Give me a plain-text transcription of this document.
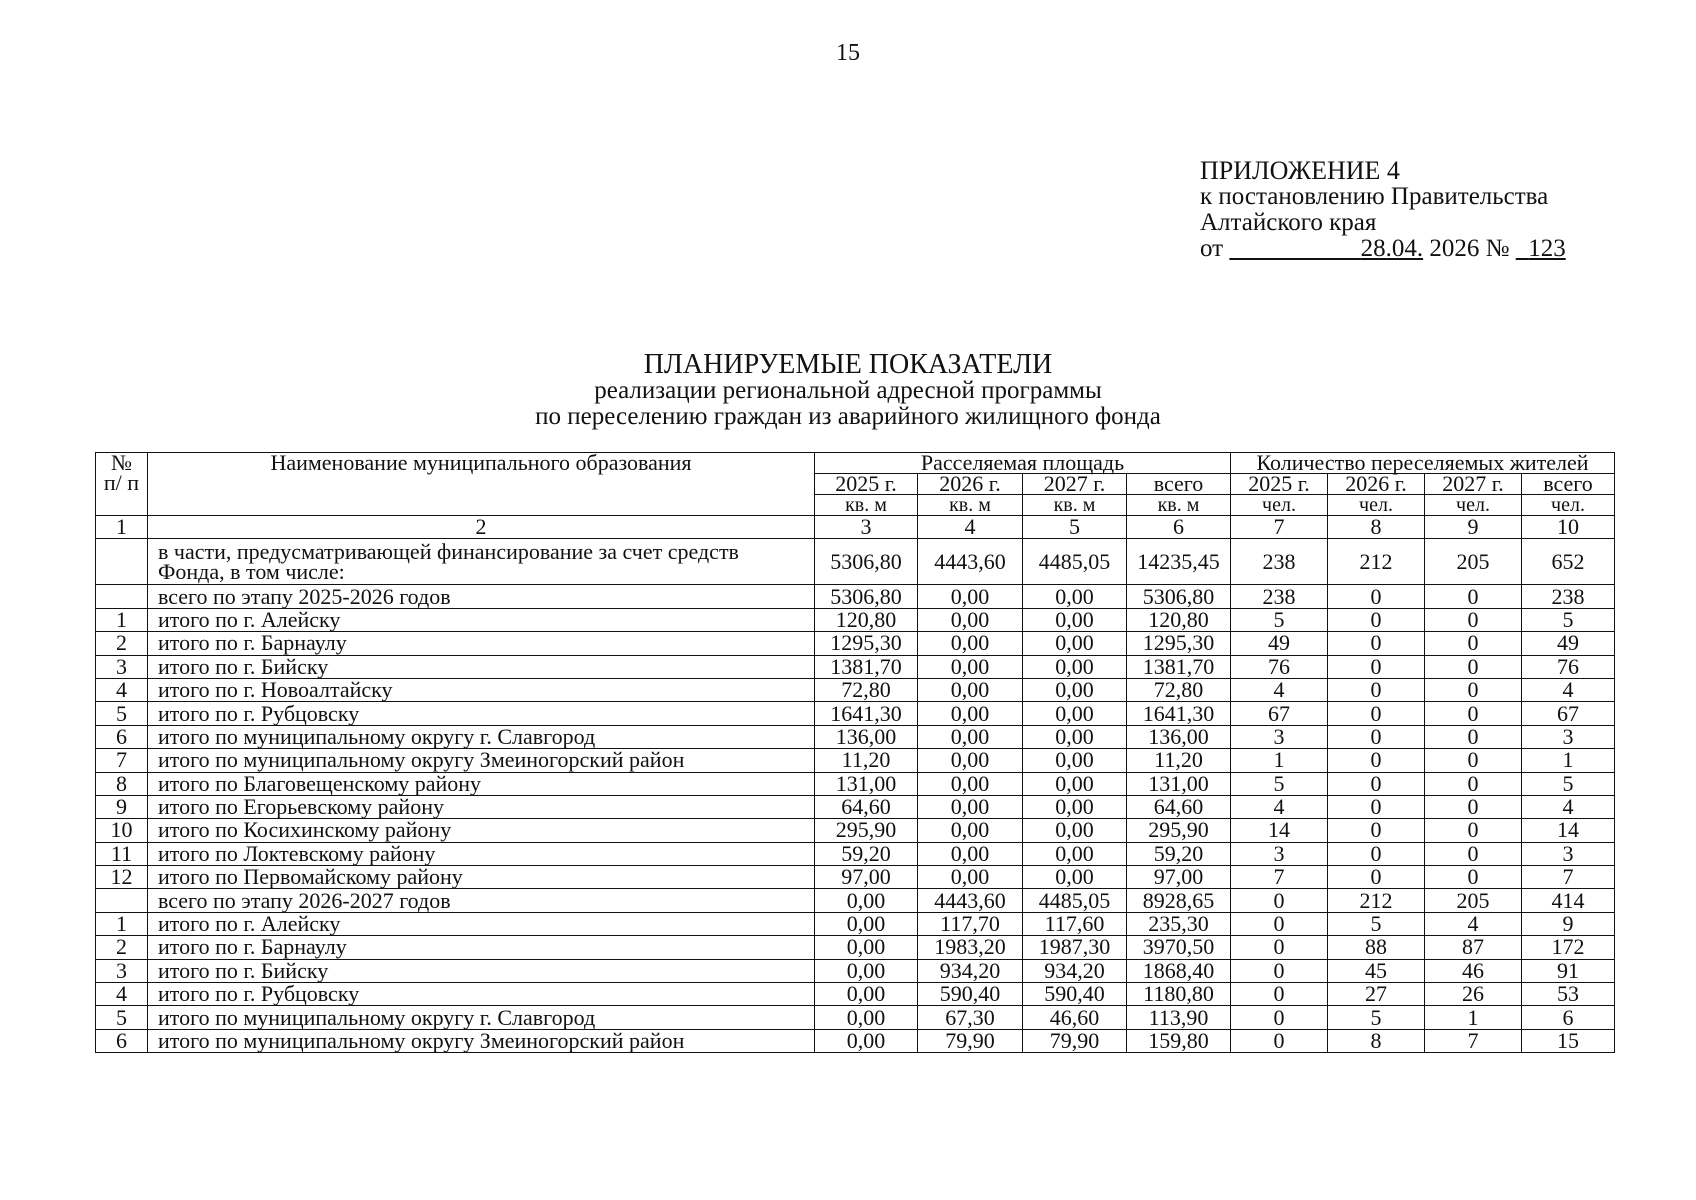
15
ПРИЛОЖЕНИЕ 4
к постановлению Правительства
Алтайского края
от	28.04. 2026 № 123
ПЛАНИРУЕМЫЕ ПОКАЗАТЕЛИ
реализации региональной адресной программы
по переселению граждан из аварийного жилищного фонда
№ п/ п	Наименование муниципального образования	Расселяемая площадь				Количество переселяемых жителей			
		2025 г.	2026 г.	2027 г.	всего	2025 г.	2026 г.	2027 г.	всего
		кв. м	кв. м	кв. м	кв. м	чел.	чел.	чел.	чел.
1	2	3	4	5	6	7	8	9	10
	в части, предусматривающей финансирование за счет средств Фонда, в том числе:	5306,80	4443,60	4485,05	14235,45	238	212	205	652
	всего по этапу 2025-2026 годов	5306,80	0,00	0,00	5306,80	238	0	0	238
1	итого по г. Алейску	120,80	0,00	0,00	120,80	5	0	0	5
2	итого по г. Барнаулу	1295,30	0,00	0,00	1295,30	49	0	0	49
3	итого по г. Бийску	1381,70	0,00	0,00	1381,70	76	0	0	76
4	итого по г. Новоалтайску	72,80	0,00	0,00	72,80	4	0	0	4
5	итого по г. Рубцовску	1641,30	0,00	0,00	1641,30	67	0	0	67
6	итого по муниципальному округу г. Славгород	136,00	0,00	0,00	136,00	3	0	0	3
7	итого по муниципальному округу Змеиногорский район	11,20	0,00	0,00	11,20	1	0	0	1
8	итого по Благовещенскому району	131,00	0,00	0,00	131,00	5	0	0	5
9	итого по Егорьевскому району	64,60	0,00	0,00	64,60	4	0	0	4
10	итого по Косихинскому району	295,90	0,00	0,00	295,90	14	0	0	14
11	итого по Локтевскому району	59,20	0,00	0,00	59,20	3	0	0	3
12	итого по Первомайскому району	97,00	0,00	0,00	97,00	7	0	0	7
	всего по этапу 2026-2027 годов	0,00	4443,60	4485,05	8928,65	0	212	205	414
1	итого по г. Алейску	0,00	117,70	117,60	235,30	0	5	4	9
2	итого по г. Барнаулу	0,00	1983,20	1987,30	3970,50	0	88	87	172
3	итого по г. Бийску	0,00	934,20	934,20	1868,40	0	45	46	91
4	итого по г. Рубцовску	0,00	590,40	590,40	1180,80	0	27	26	53
5	итого по муниципальному округу г. Славгород	0,00	67,30	46,60	113,90	0	5	1	6
6	итого по муниципальному округу Змеиногорский район	0,00	79,90	79,90	159,80	0	8	7	15
